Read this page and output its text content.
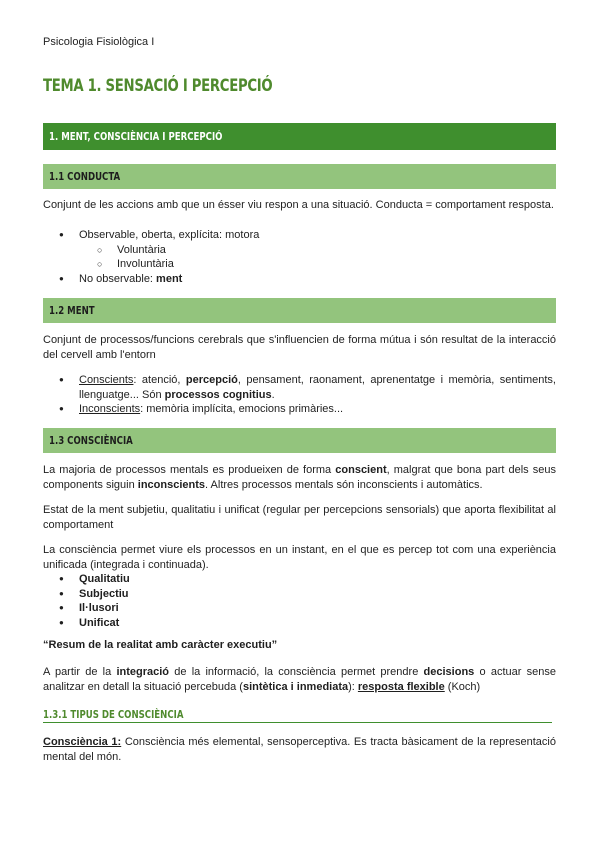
Psicologia Fisiològica I
TEMA 1. SENSACIÓ I PERCEPCIÓ
1. MENT, CONSCIÈNCIA I PERCEPCIÓ
1.1 CONDUCTA
Conjunt de les accions amb que un ésser viu respon a una situació. Conducta = comportament resposta.
● Observable, oberta, explícita: motora
○ Voluntària
○ Involuntària
● No observable: ment
1.2 MENT
Conjunt de processos/funcions cerebrals que s'influencien de forma mútua i són resultat de la interacció del cervell amb l'entorn
● Conscients: atenció, percepció, pensament, raonament, aprenentatge i memòria, sentiments, llenguatge... Són processos cognitius.
● Inconscients: memòria implícita, emocions primàries...
1.3 CONSCIÈNCIA
La majoria de processos mentals es produeixen de forma conscient, malgrat que bona part dels seus components siguin inconscients. Altres processos mentals són inconscients i automàtics.
Estat de la ment subjetiu, qualitatiu i unificat (regular per percepcions sensorials) que aporta flexibilitat al comportament
La consciència permet viure els processos en un instant, en el que es percep tot com una experiència unificada (integrada i continuada).
● Qualitatiu
● Subjectiu
● Il·lusori
● Unificat
“Resum de la realitat amb caràcter executiu”
A partir de la integració de la informació, la consciència permet prendre decisions o actuar sense analitzar en detall la situació percebuda (sintètica i inmediata): resposta flexible (Koch)
1.3.1 TIPUS DE CONSCIÈNCIA
Consciència 1: Consciència més elemental, sensoperceptiva. Es tracta bàsicament de la representació mental del món.
